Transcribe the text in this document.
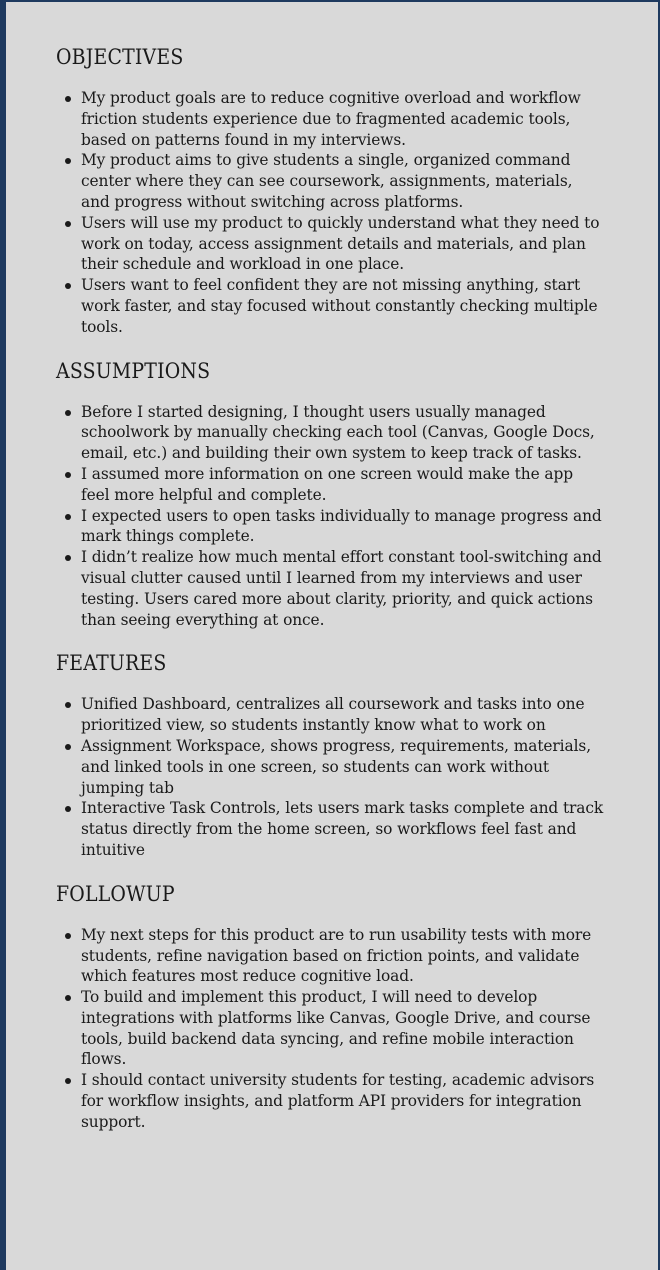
OBJECTIVES
My product goals are to reduce cognitive overload and workflow friction students experience due to fragmented academic tools, based on patterns found in my interviews.
My product aims to give students a single, organized command center where they can see coursework, assignments, materials, and progress without switching across platforms.
Users will use my product to quickly understand what they need to work on today, access assignment details and materials, and plan their schedule and workload in one place.
Users want to feel confident they are not missing anything, start work faster, and stay focused without constantly checking multiple tools.
ASSUMPTIONS
Before I started designing, I thought users usually managed schoolwork by manually checking each tool (Canvas, Google Docs, email, etc.) and building their own system to keep track of tasks.
I assumed more information on one screen would make the app feel more helpful and complete.
I expected users to open tasks individually to manage progress and mark things complete.
I didn’t realize how much mental effort constant tool-switching and visual clutter caused until I learned from my interviews and user testing. Users cared more about clarity, priority, and quick actions than seeing everything at once.
FEATURES
Unified Dashboard, centralizes all coursework and tasks into one prioritized view, so students instantly know what to work on
Assignment Workspace, shows progress, requirements, materials, and linked tools in one screen, so students can work without jumping tab
Interactive Task Controls, lets users mark tasks complete and track status directly from the home screen, so workflows feel fast and intuitive
FOLLOWUP
My next steps for this product are to run usability tests with more students, refine navigation based on friction points, and validate which features most reduce cognitive load.
To build and implement this product, I will need to develop integrations with platforms like Canvas, Google Drive, and course tools, build backend data syncing, and refine mobile interaction flows.
I should contact university students for testing, academic advisors for workflow insights, and platform API providers for integration support.
